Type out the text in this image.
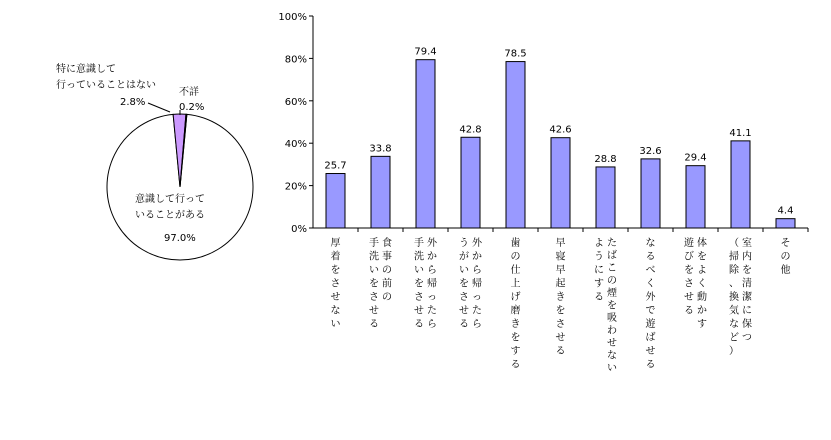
意識して行って
いることがある
97.0%
特に意識して
行っていることはない
2.8%
不詳
0.2%
0%
20%
40%
60%
80%
100%
25.7
厚
着
を
さ
せ
な
い
33.8
食
事
の
前
の
手
洗
い
を
さ
せ
る
79.4
外
か
ら
帰
っ
た
ら
手
洗
い
を
さ
せ
る
42.8
外
か
ら
帰
っ
た
ら
う
が
い
を
さ
せ
る
78.5
歯
の
仕
上
げ
磨
き
を
す
る
42.6
早
寝
早
起
き
を
さ
せ
る
28.8
た
ば
こ
の
煙
を
吸
わ
せ
な
い
よ
う
に
す
る
32.6
な
る
べ
く
外
で
遊
ば
せ
る
29.4
体
を
よ
く
動
か
す
遊
び
を
さ
せ
る
41.1
室
内
を
清
潔
に
保
つ
（
掃
除
、
換
気
な
ど
）
4.4
そ
の
他
